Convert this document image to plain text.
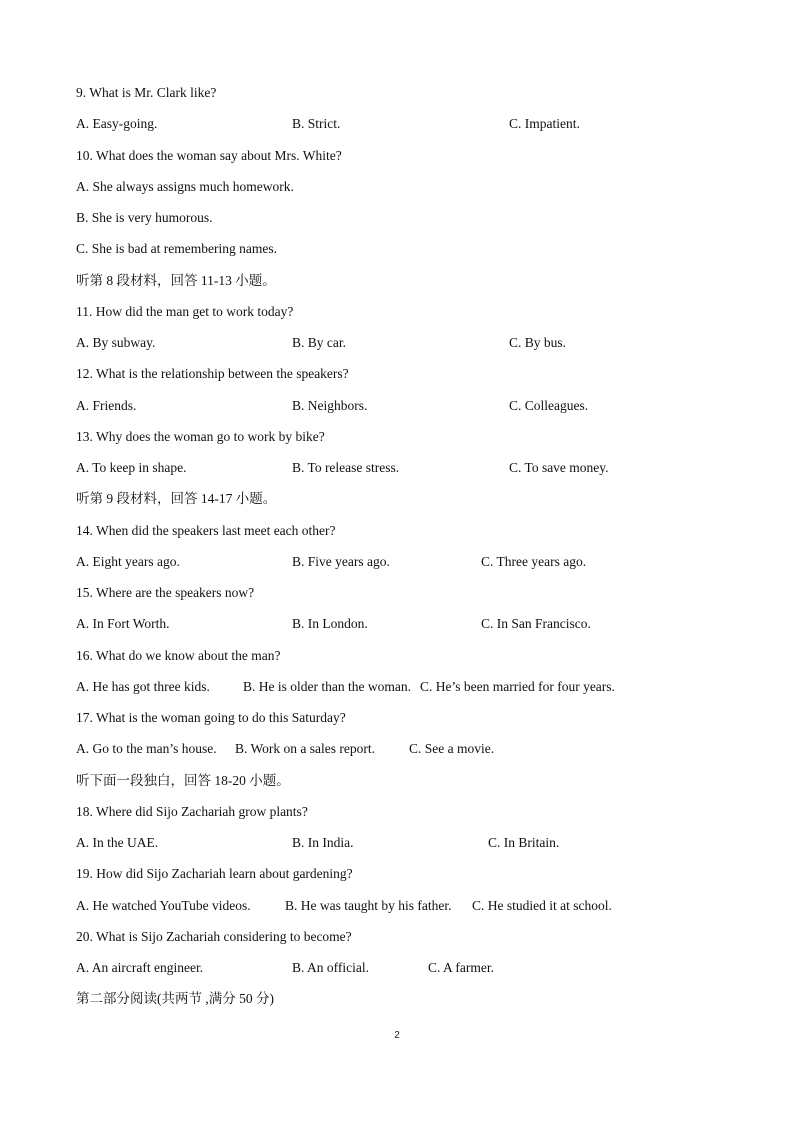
9. What is Mr. Clark like?
A. Easy-going.	B. Strict.	C. Impatient.
10. What does the woman say about Mrs. White?
A. She always assigns much homework.
B. She is very humorous.
C. She is bad at remembering names.
听第 8 段材料，回答 11-13 小题。
11. How did the man get to work today?
A. By subway.	B. By car.	C. By bus.
12. What is the relationship between the speakers?
A. Friends.	B. Neighbors.	C. Colleagues.
13. Why does the woman go to work by bike?
A. To keep in shape.	B. To release stress.	C. To save money.
听第 9 段材料，回答 14-17 小题。
14. When did the speakers last meet each other?
A. Eight years ago.	B. Five years ago.	C. Three years ago.
15. Where are the speakers now?
A. In Fort Worth.	B. In London.	C. In San Francisco.
16. What do we know about the man?
A. He has got three kids. B. He is older than the woman. C. He’s been married for four years.
17. What is the woman going to do this Saturday?
A. Go to the man’s house. B. Work on a sales report.	C. See a movie.
听下面一段独白，回答 18-20 小题。
18. Where did Sijo Zachariah grow plants?
A. In the UAE.	B. In India.	C. In Britain.
19. How did Sijo Zachariah learn about gardening?
A. He watched YouTube videos.	B. He was taught by his father. C. He studied it at school.
20. What is Sijo Zachariah considering to become?
A. An aircraft engineer.	B. An official.	C. A farmer.
第二部分阅读(共两节 ,满分 50 分)
2
